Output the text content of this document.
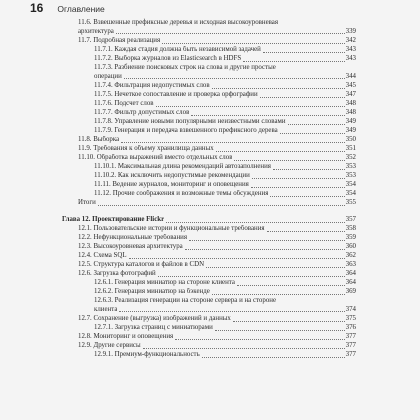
16 Оглавление
11.6. Взвешенные префиксные деревья и исходная высокоуровневая
архитектура	339
11.7. Подробная реализация	342
11.7.1. Каждая стадия должна быть независимой задачей	343
11.7.2. Выборка журналов из Elasticsearch в HDFS	343
11.7.3. Разбиение поисковых строк на слова и другие простые
операции	344
11.7.4. Фильтрация недопустимых слов	345
11.7.5. Нечеткое сопоставление и проверка орфографии	347
11.7.6. Подсчет слов	348
11.7.7. Фильтр допустимых слов	348
11.7.8. Управление новыми популярными неизвестными словами	349
11.7.9. Генерация и передача взвешенного префиксного дерева	349
11.8. Выборка	350
11.9. Требования к объему хранилища данных	351
11.10. Обработка выражений вместо отдельных слов	352
11.10.1. Максимальная длина рекомендаций автозаполнения	353
11.10.2. Как исключить недопустимые рекомендации	353
11.11. Ведение журналов, мониторинг и оповещения	354
11.12. Прочие соображения и возможные темы обсуждения	354
Итоги	355
Глава 12. Проектирование Flickr	357
12.1. Пользовательские истории и функциональные требования	358
12.2. Нефункциональные требования	359
12.3. Высокоуровневая архитектура	360
12.4. Схема SQL	362
12.5. Структура каталогов и файлов в CDN	363
12.6. Загрузка фотографий	364
12.6.1. Генерация миниатюр на стороне клиента	364
12.6.2. Генерация миниатюр на бэкенде	369
12.6.3. Реализация генерации на стороне сервера и на стороне
клиента	374
12.7. Сохранение (выгрузка) изображений и данных	375
12.7.1. Загрузка страниц с миниатюрами	376
12.8. Мониторинг и оповещения	377
12.9. Другие сервисы	377
12.9.1. Премиум-функциональность	377
